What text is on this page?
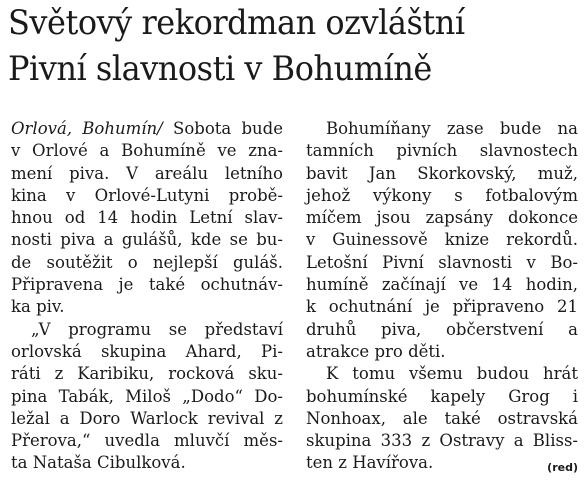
Světový rekordman ozvláštní
Pivní slavnosti v Bohumíně
Orlová, Bohumín/ Sobota bude
v Orlové a Bohumíně ve zna-
mení piva. V areálu letního
kina v Orlové-Lutyni probě-
hnou od 14 hodin Letní slav-
nosti piva a gulášů, kde se bu-
de soutěžit o nejlepší guláš.
Připravena je také ochutnáv-
ka piv.
„V programu se představí
orlovská skupina Ahard, Pi-
ráti z Karibiku, rocková sku-
pina Tabák, Miloš „Dodo“ Do-
ležal a Doro Warlock revival z
Přerova,“ uvedla mluvčí měs-
ta Nataša Cibulková.
Bohumíňany zase bude na
tamních pivních slavnostech
bavit Jan Skorkovský, muž,
jehož výkony s fotbalovým
míčem jsou zapsány dokonce
v Guinessově knize rekordů.
Letošní Pivní slavnosti v Bo-
humíně začínají ve 14 hodin,
k ochutnání je připraveno 21
druhů piva, občerstvení a
atrakce pro děti.
K tomu všemu budou hrát
bohumínské kapely Grog i
Nonhoax, ale také ostravská
skupina 333 z Ostravy a Bliss-
ten z Havířova.	(red)
